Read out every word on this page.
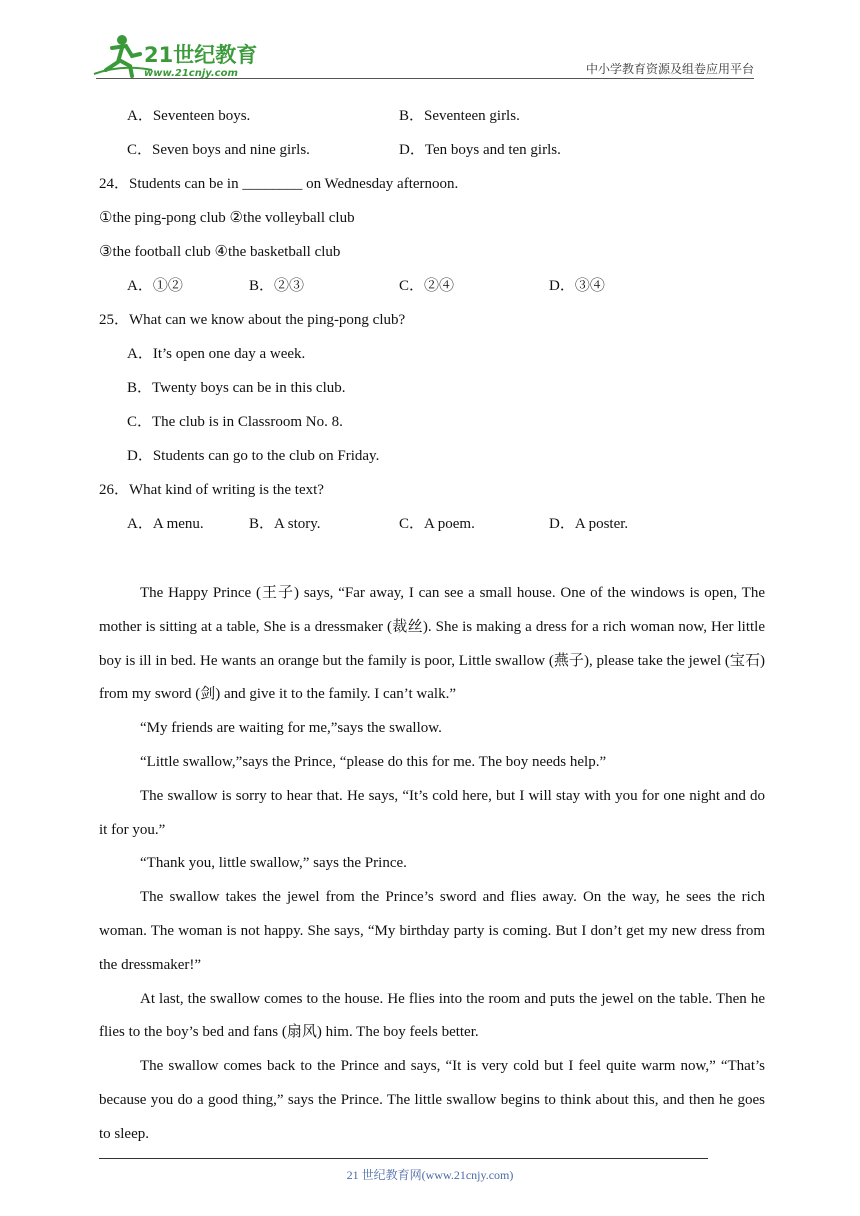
21世纪教育
www.21cnjy.com	中小学教育资源及组卷应用平台
A．Seventeen boys.	B．Seventeen girls.
C．Seven boys and nine girls.	D．Ten boys and ten girls.
24．Students can be in ________ on Wednesday afternoon.
①the ping-pong club ②the volleyball club
③the football club ④the basketball club
A．①②	B．②③	C．②④	D．③④
25．What can we know about the ping-pong club?
A．It’s open one day a week.
B．Twenty boys can be in this club.
C．The club is in Classroom No. 8.
D．Students can go to the club on Friday.
26．What kind of writing is the text?
A．A menu.	B．A story.	C．A poem.	D．A poster.

The Happy Prince (王子) says, “Far away, I can see a small house. One of the windows is open, The mother is sitting at a table, She is a dressmaker (裁丝). She is making a dress for a rich woman now, Her little boy is ill in bed. He wants an orange but the family is poor, Little swallow (燕子), please take the jewel (宝石) from my sword (剑) and give it to the family. I can’t walk.”

“My friends are waiting for me,”says the swallow.

“Little swallow,”says the Prince, “please do this for me. The boy needs help.”

The swallow is sorry to hear that. He says, “It’s cold here, but I will stay with you for one night and do it for you.”

“Thank you, little swallow,” says the Prince.

The swallow takes the jewel from the Prince’s sword and flies away. On the way, he sees the rich woman. The woman is not happy. She says, “My birthday party is coming. But I don’t get my new dress from the dressmaker!”

At last, the swallow comes to the house. He flies into the room and puts the jewel on the table. Then he flies to the boy’s bed and fans (扇风) him. The boy feels better.

The swallow comes back to the Prince and says, “It is very cold but I feel quite warm now,” “That’s because you do a good thing,” says the Prince. The little swallow begins to think about this, and then he goes to sleep.

21 世纪教育网(www.21cnjy.com)
